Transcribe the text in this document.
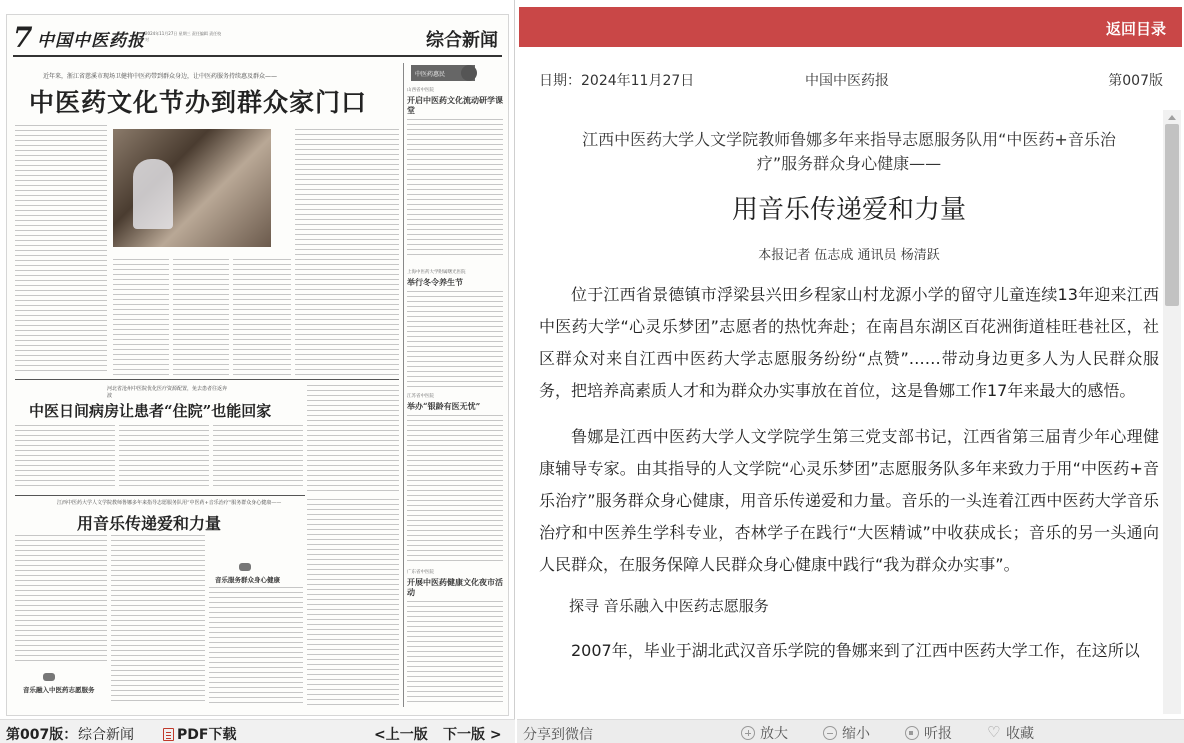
7 中国中医药报 2024年11月27日 星期三 责任编辑 责任校对	综合新闻
近年来，浙江省慈溪市现场卫健将中医药带到群众身边，让中医药服务持续惠及群众——
中医药文化节办到群众家门口
河北省沧州中医院优化医疗资源配置，免去患者往返奔波
中医日间病房让患者“住院”也能回家
江西中医药大学人文学院教师鲁娜多年来指导志愿服务队用“中医药+音乐治疗”服务群众身心健康——
用音乐传递爱和力量
音乐融入中医药志愿服务
音乐服务群众身心健康
中医药惠民
山西省中医院
开启中医药文化流动研学课堂
上海中医药大学附属曙光医院
举行冬令养生节
江苏省中医院
举办“银龄有医无忧”
广东省中医院
开展中医药健康文化夜市活动
第007版： 综合新闻	PDF下载	<上一版 下一版 >
返回目录
日期：2024年11月27日	中国中医药报	第007版
江西中医药大学人文学院教师鲁娜多年来指导志愿服务队用“中医药+音乐治疗”服务群众身心健康——
用音乐传递爱和力量
本报记者 伍志成 通讯员 杨清跃

位于江西省景德镇市浮梁县兴田乡程家山村龙源小学的留守儿童连续13年迎来江西中医药大学“心灵乐梦团”志愿者的热忱奔赴；在南昌东湖区百花洲街道桂旺巷社区，社区群众对来自江西中医药大学志愿服务纷纷“点赞”……带动身边更多人为人民群众服务，把培养高素质人才和为群众办实事放在首位，这是鲁娜工作17年来最大的感悟。

鲁娜是江西中医药大学人文学院学生第三党支部书记，江西省第三届青少年心理健康辅导专家。由其指导的人文学院“心灵乐梦团”志愿服务队多年来致力于用“中医药+音乐治疗”服务群众身心健康，用音乐传递爱和力量。音乐的一头连着江西中医药大学音乐治疗和中医养生学科专业，杏林学子在践行“大医精诚”中收获成长；音乐的另一头通向人民群众，在服务保障人民群众身心健康中践行“我为群众办实事”。

探寻 音乐融入中医药志愿服务

2007年，毕业于湖北武汉音乐学院的鲁娜来到了江西中医药大学工作，在这所以

分享到微信	放大	缩小	听报
♡	收藏
